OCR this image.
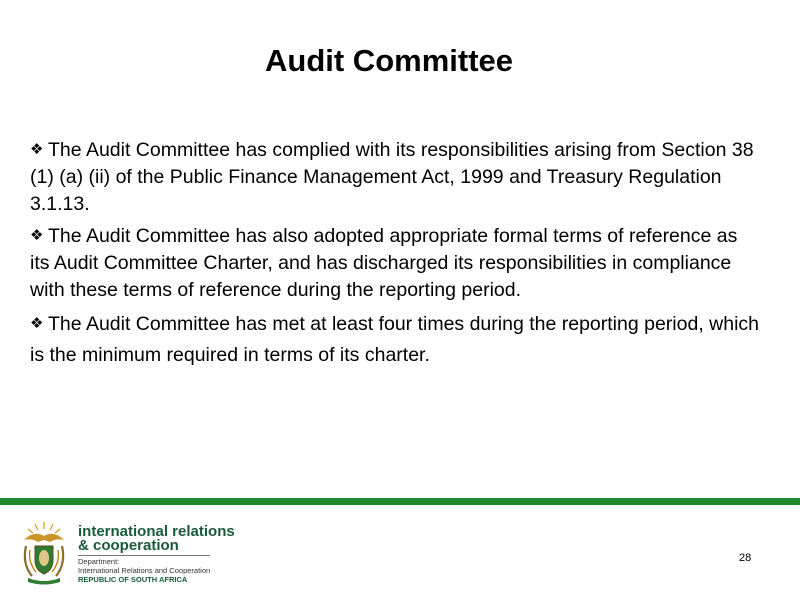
Audit Committee
❖ The Audit Committee has complied with its responsibilities arising from Section 38 (1) (a) (ii) of the Public Finance Management Act, 1999 and Treasury Regulation 3.1.13.
❖ The Audit Committee has also adopted appropriate formal terms of reference as its Audit Committee Charter, and has discharged its responsibilities in compliance with these terms of reference during the reporting period.
❖ The Audit Committee has met at least four times during the reporting period, which is the minimum required in terms of its charter.

international relations

& cooperation

Department:

International Relations and Cooperation

REPUBLIC OF SOUTH AFRICA

28
